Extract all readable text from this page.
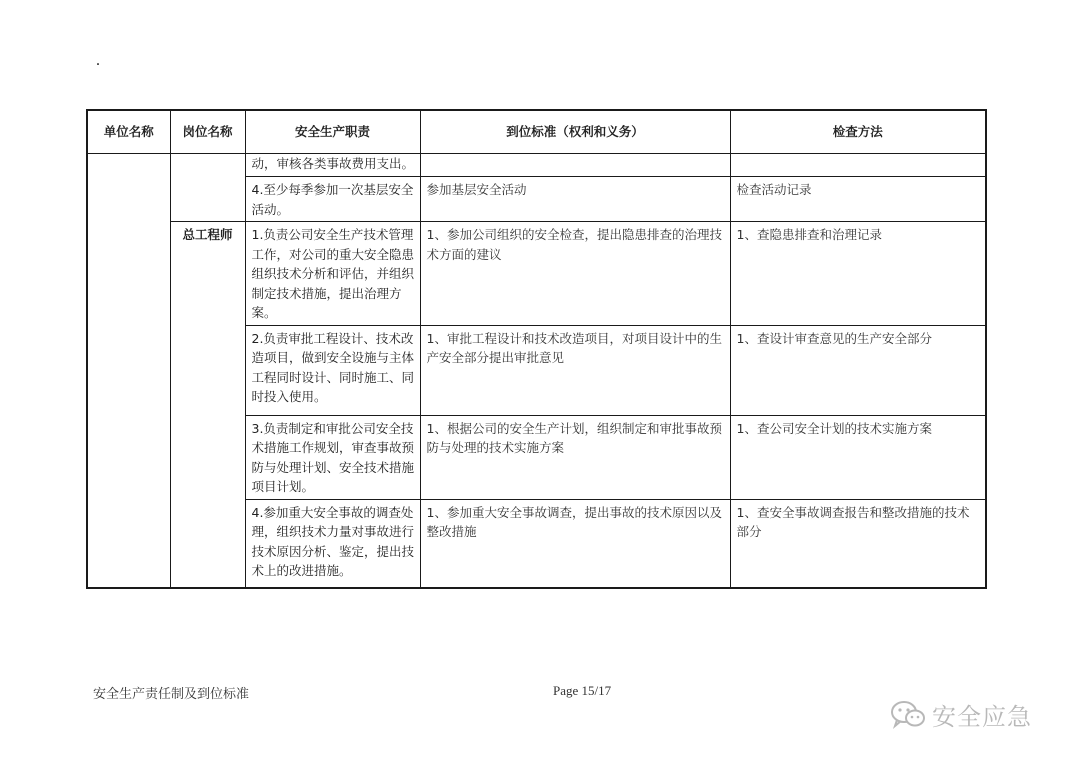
.
单位名称	岗位名称	安全生产职责	到位标准（权利和义务）	检查方法
		动，审核各类事故费用支出。		
		4.至少每季参加一次基层安全活动。	参加基层安全活动	检查活动记录
	总工程师	1.负责公司安全生产技术管理工作，对公司的重大安全隐患组织技术分析和评估，并组织制定技术措施，提出治理方案。	1、参加公司组织的安全检查，提出隐患排查的治理技术方面的建议	1、查隐患排查和治理记录
		2.负责审批工程设计、技术改造项目，做到安全设施与主体工程同时设计、同时施工、同时投入使用。	1、审批工程设计和技术改造项目，对项目设计中的生产安全部分提出审批意见	1、查设计审查意见的生产安全部分
		3.负责制定和审批公司安全技术措施工作规划，审查事故预防与处理计划、安全技术措施项目计划。	1、根据公司的安全生产计划，组织制定和审批事故预防与处理的技术实施方案	1、查公司安全计划的技术实施方案
		4.参加重大安全事故的调查处理，组织技术力量对事故进行技术原因分析、鉴定，提出技术上的改进措施。	1、参加重大安全事故调查，提出事故的技术原因以及整改措施	1、查安全事故调查报告和整改措施的技术部分
安全生产责任制及到位标准	Page 15/17
安全应急
